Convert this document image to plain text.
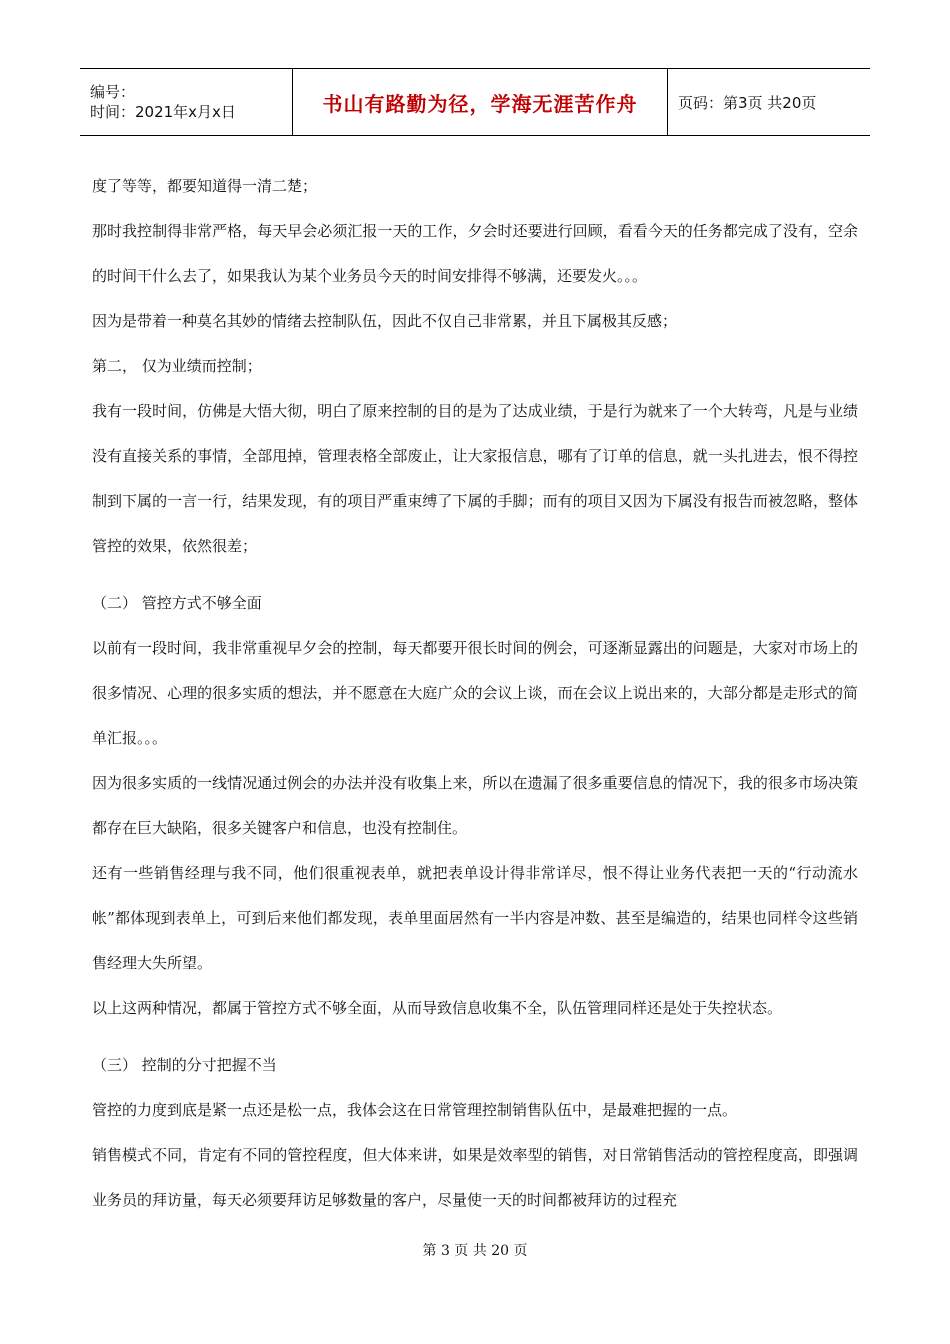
编号：
时间：2021年x月x日	书山有路勤为径，学海无涯苦作舟	页码：第3页 共20页

度了等等，都要知道得一清二楚；

那时我控制得非常严格，每天早会必须汇报一天的工作，夕会时还要进行回顾，看看今天的任务都完成了没有，空余的时间干什么去了，如果我认为某个业务员今天的时间安排得不够满，还要发火。。。

因为是带着一种莫名其妙的情绪去控制队伍，因此不仅自己非常累，并且下属极其反感；

第二， 仅为业绩而控制；

我有一段时间，仿佛是大悟大彻，明白了原来控制的目的是为了达成业绩，于是行为就来了一个大转弯，凡是与业绩没有直接关系的事情，全部甩掉，管理表格全部废止，让大家报信息，哪有了订单的信息，就一头扎进去，恨不得控制到下属的一言一行，结果发现，有的项目严重束缚了下属的手脚；而有的项目又因为下属没有报告而被忽略，整体管控的效果，依然很差；

（二） 管控方式不够全面

以前有一段时间，我非常重视早夕会的控制，每天都要开很长时间的例会，可逐渐显露出的问题是，大家对市场上的很多情况、心理的很多实质的想法，并不愿意在大庭广众的会议上谈，而在会议上说出来的，大部分都是走形式的简单汇报。。。

因为很多实质的一线情况通过例会的办法并没有收集上来，所以在遗漏了很多重要信息的情况下，我的很多市场决策都存在巨大缺陷，很多关键客户和信息，也没有控制住。

还有一些销售经理与我不同，他们很重视表单，就把表单设计得非常详尽，恨不得让业务代表把一天的“行动流水帐”都体现到表单上，可到后来他们都发现，表单里面居然有一半内容是冲数、甚至是编造的，结果也同样令这些销售经理大失所望。

以上这两种情况，都属于管控方式不够全面，从而导致信息收集不全，队伍管理同样还是处于失控状态。

（三） 控制的分寸把握不当

管控的力度到底是紧一点还是松一点，我体会这在日常管理控制销售队伍中，是最难把握的一点。

销售模式不同，肯定有不同的管控程度，但大体来讲，如果是效率型的销售，对日常销售活动的管控程度高，即强调业务员的拜访量，每天必须要拜访足够数量的客户，尽量使一天的时间都被拜访的过程充

第 3 页 共 20 页
